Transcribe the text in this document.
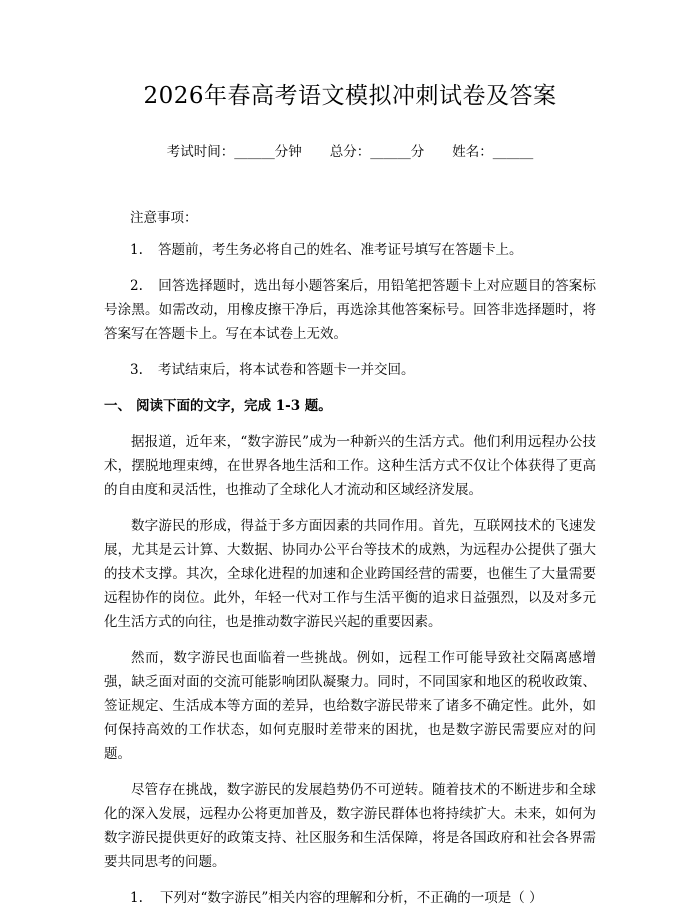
2026年春高考语文模拟冲刺试卷及答案
考试时间：______分钟 总分：______分 姓名：______
注意事项：

1. 答题前，考生务必将自己的姓名、准考证号填写在答题卡上。

2. 回答选择题时，选出每小题答案后，用铅笔把答题卡上对应题目的答案标号涂黑。如需改动，用橡皮擦干净后，再选涂其他答案标号。回答非选择题时，将答案写在答题卡上。写在本试卷上无效。

3. 考试结束后，将本试卷和答题卡一并交回。

一、 阅读下面的文字，完成 1-3 题。

据报道，近年来，“数字游民”成为一种新兴的生活方式。他们利用远程办公技术，摆脱地理束缚，在世界各地生活和工作。这种生活方式不仅让个体获得了更高的自由度和灵活性，也推动了全球化人才流动和区域经济发展。

数字游民的形成，得益于多方面因素的共同作用。首先，互联网技术的飞速发展，尤其是云计算、大数据、协同办公平台等技术的成熟，为远程办公提供了强大的技术支撑。其次，全球化进程的加速和企业跨国经营的需要，也催生了大量需要远程协作的岗位。此外，年轻一代对工作与生活平衡的追求日益强烈，以及对多元化生活方式的向往，也是推动数字游民兴起的重要因素。

然而，数字游民也面临着一些挑战。例如，远程工作可能导致社交隔离感增强，缺乏面对面的交流可能影响团队凝聚力。同时，不同国家和地区的税收政策、签证规定、生活成本等方面的差异，也给数字游民带来了诸多不确定性。此外，如何保持高效的工作状态，如何克服时差带来的困扰，也是数字游民需要应对的问题。

尽管存在挑战，数字游民的发展趋势仍不可逆转。随着技术的不断进步和全球化的深入发展，远程办公将更加普及，数字游民群体也将持续扩大。未来，如何为数字游民提供更好的政策支持、社区服务和生活保障，将是各国政府和社会各界需要共同思考的问题。

1. 下列对“数字游民”相关内容的理解和分析，不正确的一项是（ ）
